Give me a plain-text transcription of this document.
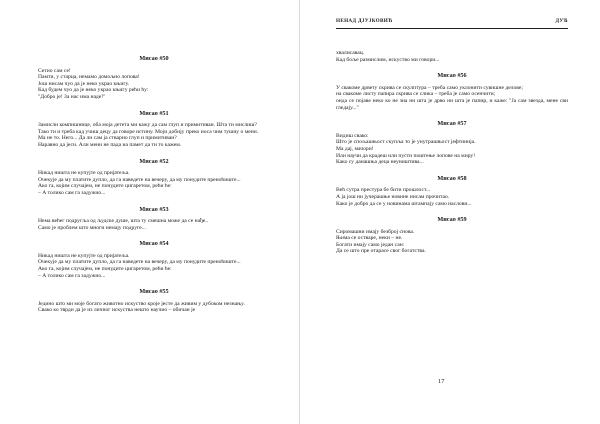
НЕНАД ДЈУЈКОВИЋ	ДУЋ
Мисао #50
Сетио сам се!
Памти, у старца, немамо домољно лопова!
Још нисам чуо да је неко украо књигу.
Кад будем чуо да је неко украо књигу рећи ћу:
"Добро је! За нас има наде!"
Мисао #51
Замисли компишнице, оба моја детета ми кажу да сам глуп и примитиван. Шта ти мислиш?
Тако ти и треба кад учиш децу да говоре истину. Моји добију преко носа чим тушну о мени.
Ма не то. Него... Да ли сам ја стварно глуп и примитиван?
Наравно да јеси. Али мени не пада на памет да ти то кажем.
Мисао #52
Никад ништа не купујте од пријатеља.
Очекује да му платите дупло, да га наведете на вечеру, да му понудите преноћиште...
Ако га, којим случајем, не понудите цигаретом, рећи ће:
– А толико сам га задужио...
Мисао #53
Нема већег подругља од људске душе, шта ту смешна може да се нађе..
Само је проблем што многи немају подруге...
Мисао #54
Никад ништа не купујте од пријатеља.
Очекује да му платите дупло, да га наведете на вечеру, да му понудите преноћиште...
Ако га, којим случајем, не понудите цигаретом, рећи ће:
– А толико сам га задужио...
Мисао #55
Једино што ми моје богато животно искуство кроје јесте да живим у дубоком незнању.
Свако ко тврди да је из личног искуства нешто научио – обичан је
хвалисавац.
Кад боље размислим, искуство ми говори...
Мисао #56
У свакоме дрвету скрива се скулптура – треба само уклонити сувишне делове;
на свакоме листу папира скрива се слика – треба је само осенчити;
онда се појаве неко ко не зна ни шта је дрво ни шта је папир, и каже: "Ја сам звезда, мене сви гледају..."
Мисао #57
Видиш свако:
Што је спољашњост скупља то је унутрашњост јефтинија.
Ма дај, мачори!
Или научи да крадеш или пусти поштење лопове на миру!
Како су данашња деца неуништива...
Мисао #58
Већ сутра престура бе бити прошлост...
А ја још ни јучерашње новине нисам прочитао.
Како је добро да се у новинама штампају само наслови...
Мисао #59
Сиромашни имају безброј снова.
Њима се остваре, неки – не.
Богати имају само један сан:
Да се што пре отарасе свог богатства.
17
